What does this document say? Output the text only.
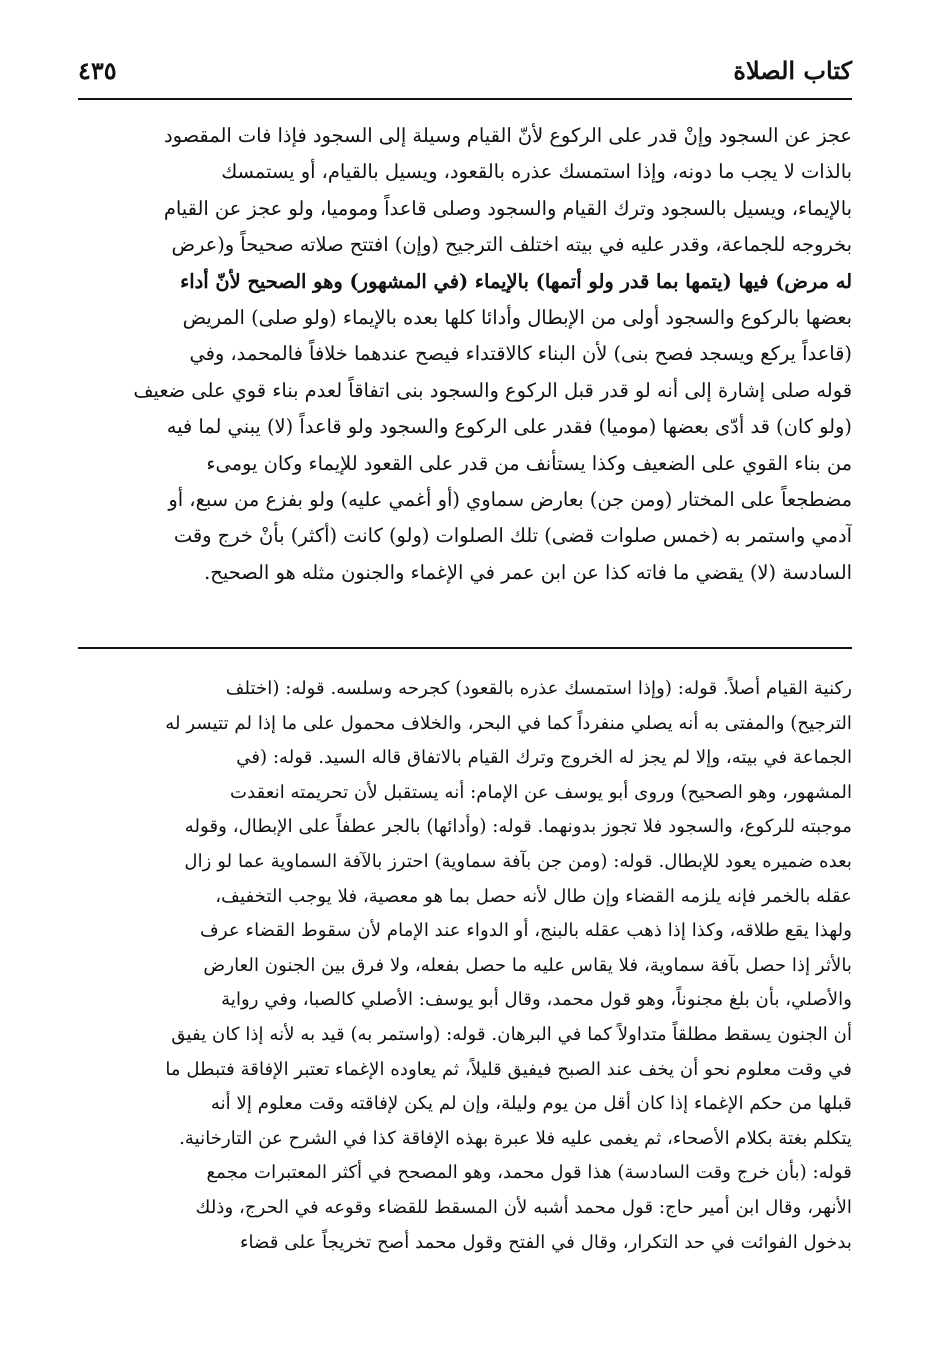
كتاب الصلاة
٤٣٥
عجز عن السجود وإنْ قدر على الركوع لأنّ القيام وسيلة إلى السجود فإذا فات المقصود
بالذات لا يجب ما دونه، وإذا استمسك عذره بالقعود، ويسيل بالقيام، أو يستمسك
بالإيماء، ويسيل بالسجود وترك القيام والسجود وصلى قاعداً وموميا، ولو عجز عن القيام
بخروجه للجماعة، وقدر عليه في بيته اختلف الترجيح (وإن) افتتح صلاته صحيحاً و(عرض
له مرض) فيها (يتمها بما قدر ولو أتمها) بالإيماء (في المشهور) وهو الصحيح لأنّ أداء
بعضها بالركوع والسجود أولى من الإبطال وأدائا كلها بعده بالإيماء (ولو صلى) المريض
(قاعداً يركع ويسجد فصح بنى) لأن البناء كالاقتداء فيصح عندهما خلافاً فالمحمد، وفي
قوله صلى إشارة إلى أنه لو قدر قبل الركوع والسجود بنى اتفاقاً لعدم بناء قوي على ضعيف
(ولو كان) قد أدّى بعضها (موميا) فقدر على الركوع والسجود ولو قاعداً (لا) يبني لما فيه
من بناء القوي على الضعيف وكذا يستأنف من قدر على القعود للإيماء وكان يومىء
مضطجعاً على المختار (ومن جن) بعارض سماوي (أو أغمي عليه) ولو بفزع من سبع، أو
آدمي واستمر به (خمس صلوات قضى) تلك الصلوات (ولو) كانت (أكثر) بأنْ خرج وقت
السادسة (لا) يقضي ما فاته كذا عن ابن عمر في الإغماء والجنون مثله هو الصحيح.
ركنية القيام أصلاً. قوله: (وإذا استمسك عذره بالقعود) كجرحه وسلسه. قوله: (اختلف
الترجيح) والمفتى به أنه يصلي منفرداً كما في البحر، والخلاف محمول على ما إذا لم تتيسر له
الجماعة في بيته، وإلا لم يجز له الخروج وترك القيام بالاتفاق قاله السيد. قوله: (في
المشهور، وهو الصحيح) وروى أبو يوسف عن الإمام: أنه يستقبل لأن تحريمته انعقدت
موجبته للركوع، والسجود فلا تجوز بدونهما. قوله: (وأدائها) بالجر عطفاً على الإبطال، وقوله
بعده ضميره يعود للإبطال. قوله: (ومن جن بآفة سماوية) احترز بالآفة السماوية عما لو زال
عقله بالخمر فإنه يلزمه القضاء وإن طال لأنه حصل بما هو معصية، فلا يوجب التخفيف،
ولهذا يقع طلاقه، وكذا إذا ذهب عقله بالبنج، أو الدواء عند الإمام لأن سقوط القضاء عرف
بالأثر إذا حصل بآفة سماوية، فلا يقاس عليه ما حصل بفعله، ولا فرق بين الجنون العارض
والأصلي، بأن بلغ مجنوناً، وهو قول محمد، وقال أبو يوسف: الأصلي كالصبا، وفي رواية
أن الجنون يسقط مطلقاً متداولاً كما في البرهان. قوله: (واستمر به) قيد به لأنه إذا كان يفيق
في وقت معلوم نحو أن يخف عند الصبح فيفيق قليلاً، ثم يعاوده الإغماء تعتبر الإفاقة فتبطل ما
قبلها من حكم الإغماء إذا كان أقل من يوم وليلة، وإن لم يكن لإفاقته وقت معلوم إلا أنه
يتكلم بغتة بكلام الأصحاء، ثم يغمى عليه فلا عبرة بهذه الإفاقة كذا في الشرح عن التارخانية.
قوله: (بأن خرج وقت السادسة) هذا قول محمد، وهو المصحح في أكثر المعتبرات مجمع
الأنهر، وقال ابن أمير حاج: قول محمد أشبه لأن المسقط للقضاء وقوعه في الحرج، وذلك
بدخول الفوائت في حد التكرار، وقال في الفتح وقول محمد أصح تخريجاً على قضاء
